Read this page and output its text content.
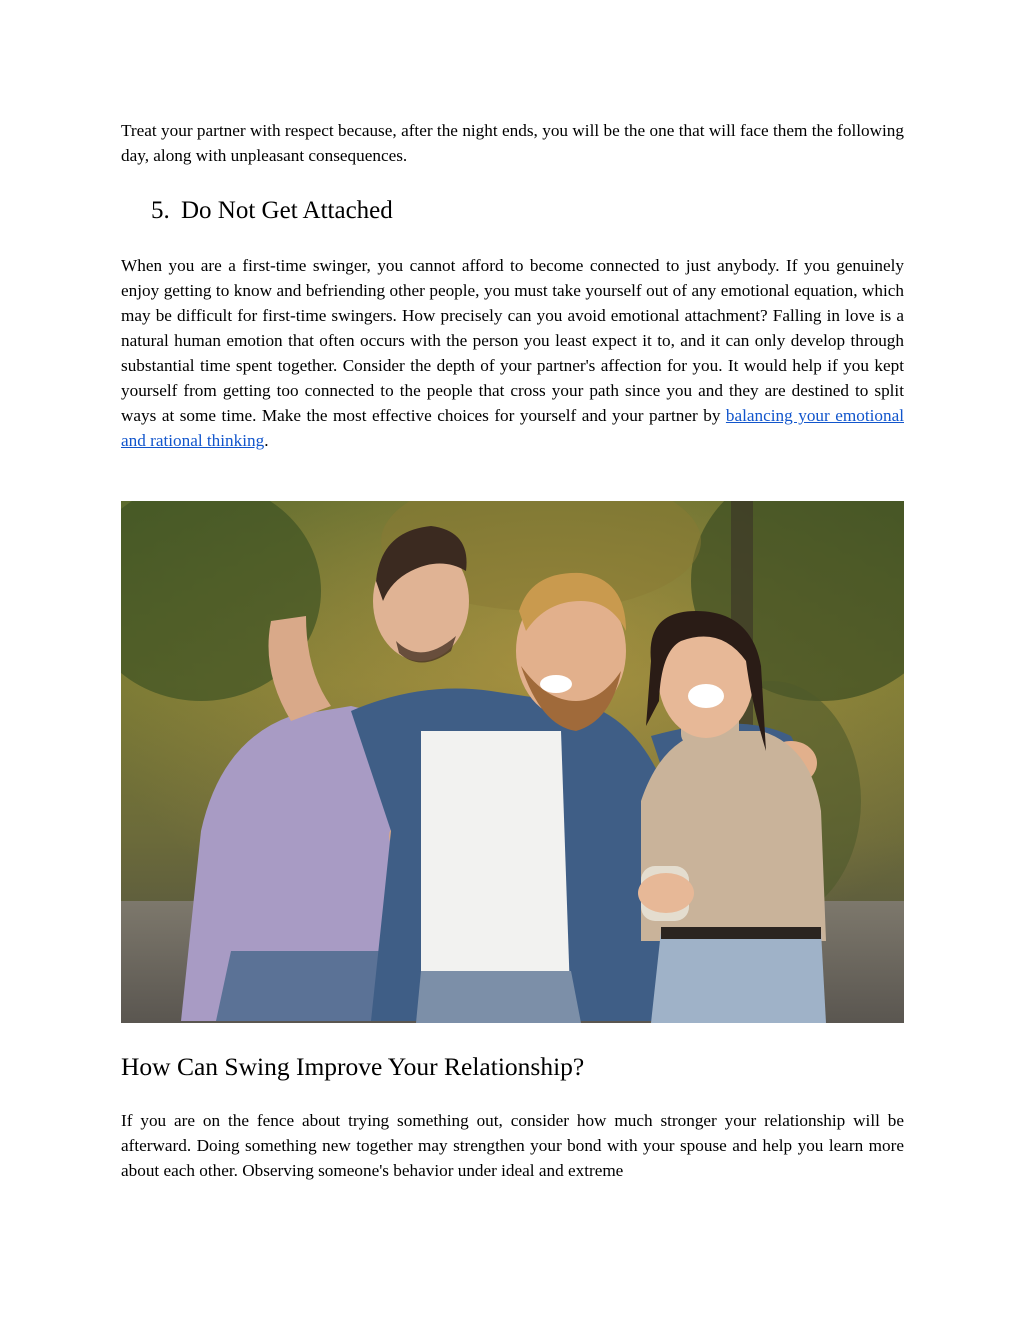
Treat your partner with respect because, after the night ends, you will be the one that will face them the following day, along with unpleasant consequences.

5. Do Not Get Attached

When you are a first-time swinger, you cannot afford to become connected to just anybody. If you genuinely enjoy getting to know and befriending other people, you must take yourself out of any emotional equation, which may be difficult for first-time swingers. How precisely can you avoid emotional attachment? Falling in love is a natural human emotion that often occurs with the person you least expect it to, and it can only develop through substantial time spent together. Consider the depth of your partner's affection for you. It would help if you kept yourself from getting too connected to the people that cross your path since you and they are destined to split ways at some time. Make the most effective choices for yourself and your partner by balancing your emotional and rational thinking.

How Can Swing Improve Your Relationship?

If you are on the fence about trying something out, consider how much stronger your relationship will be afterward. Doing something new together may strengthen your bond with your spouse and help you learn more about each other. Observing someone's behavior under ideal and extreme
